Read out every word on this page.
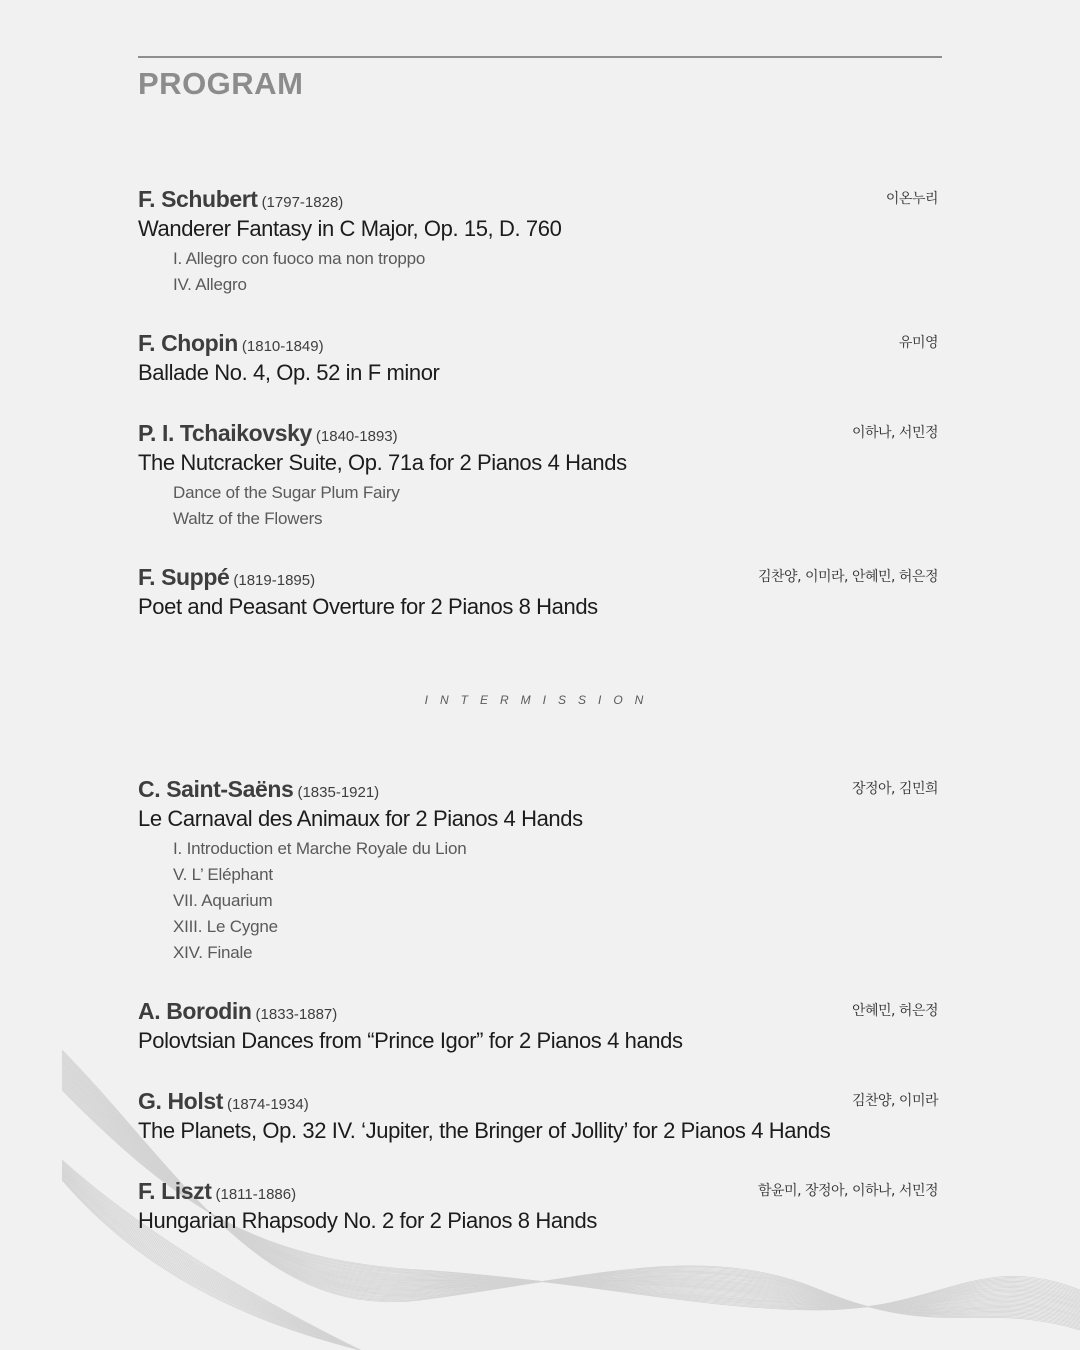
PROGRAM
F. Schubert (1797-1828)	이온누리
Wanderer Fantasy in C Major, Op. 15, D. 760
I. Allegro con fuoco ma non troppo
IV. Allegro
F. Chopin (1810-1849)	유미영
Ballade No. 4, Op. 52 in F minor
P. I. Tchaikovsky (1840-1893)	이하나, 서민정
The Nutcracker Suite, Op. 71a for 2 Pianos 4 Hands
Dance of the Sugar Plum Fairy
Waltz of the Flowers
F. Suppé (1819-1895)	김찬양, 이미라, 안혜민, 허은정
Poet and Peasant Overture for 2 Pianos 8 Hands
INTERMISSION
C. Saint-Saëns (1835-1921)	장정아, 김민희
Le Carnaval des Animaux for 2 Pianos 4 Hands
I. Introduction et Marche Royale du Lion
V. L’ Eléphant
VII. Aquarium
XIII. Le Cygne
XIV. Finale
A. Borodin (1833-1887)	안혜민, 허은정
Polovtsian Dances from “Prince Igor” for 2 Pianos 4 hands
G. Holst (1874-1934)	김찬양, 이미라
The Planets, Op. 32 IV. ‘Jupiter, the Bringer of Jollity’ for 2 Pianos 4 Hands
F. Liszt (1811-1886)	함윤미, 장정아, 이하나, 서민정
Hungarian Rhapsody No. 2 for 2 Pianos 8 Hands
